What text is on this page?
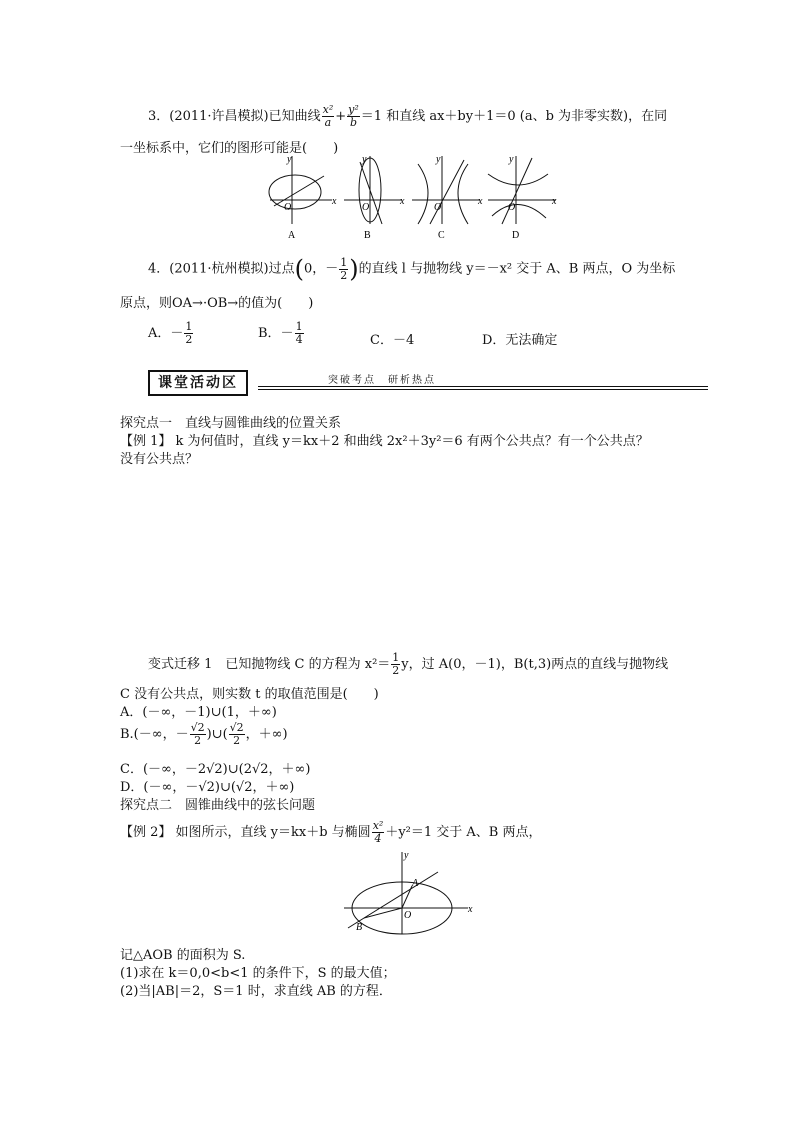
3．(2011·许昌模拟)已知曲线 $\frac{\text{x²}}{a} + \frac{\text{y²}}{b} =1$ 和直线 ax＋by＋1＝0 (a、b 为非零实数)，在同
一坐标系中，它们的图形可能是(　　)
A
y
x
O
B
y
x
O
C
y
x
O
D
y
x
O
4．(2011·杭州模拟)过点(0，－ $\frac{1}{2}$ )的直线 l 与抛物线 y＝－x² 交于 A、B 两点，O 为坐标
原点，则OA→·OB→的值为(　　)
A．－ $\frac{1}{2}$	B．－ $\frac{1}{4}$	C．－4	D．无法确定
课堂活动区	突破考点　研析热点
探究点一　直线与圆锥曲线的位置关系
【例 1】 k 为何值时，直线 y＝kx＋2 和曲线 2x²＋3y²＝6 有两个公共点？有一个公共点？
没有公共点？
变式迁移 1　已知抛物线 C 的方程为 $x^2= \frac{1}{2}$ y，过 A(0，－1)，B(t,3)两点的直线与抛物线
C 没有公共点，则实数 t 的取值范围是(　　)
A．(－∞，－1)∪(1，＋∞)
B.(－∞，－ $\frac{√2}{2}$ )∪( $\frac{√2}{2}$ ，＋∞)
C．(－∞，－2√2)∪(2√2，＋∞)
D．(－∞，－√2)∪(√2，＋∞)
探究点二　圆锥曲线中的弦长问题
【例 2】 如图所示，直线 y＝kx＋b 与椭圆 $\frac{\text{x²}}{4} +y^2=1$ 交于 A、B 两点，
y
x
A
B
O
记△AOB 的面积为 S.
(1)求在 k＝0,0<b<1 的条件下，S 的最大值；
(2)当|AB|＝2，S＝1 时，求直线 AB 的方程．
